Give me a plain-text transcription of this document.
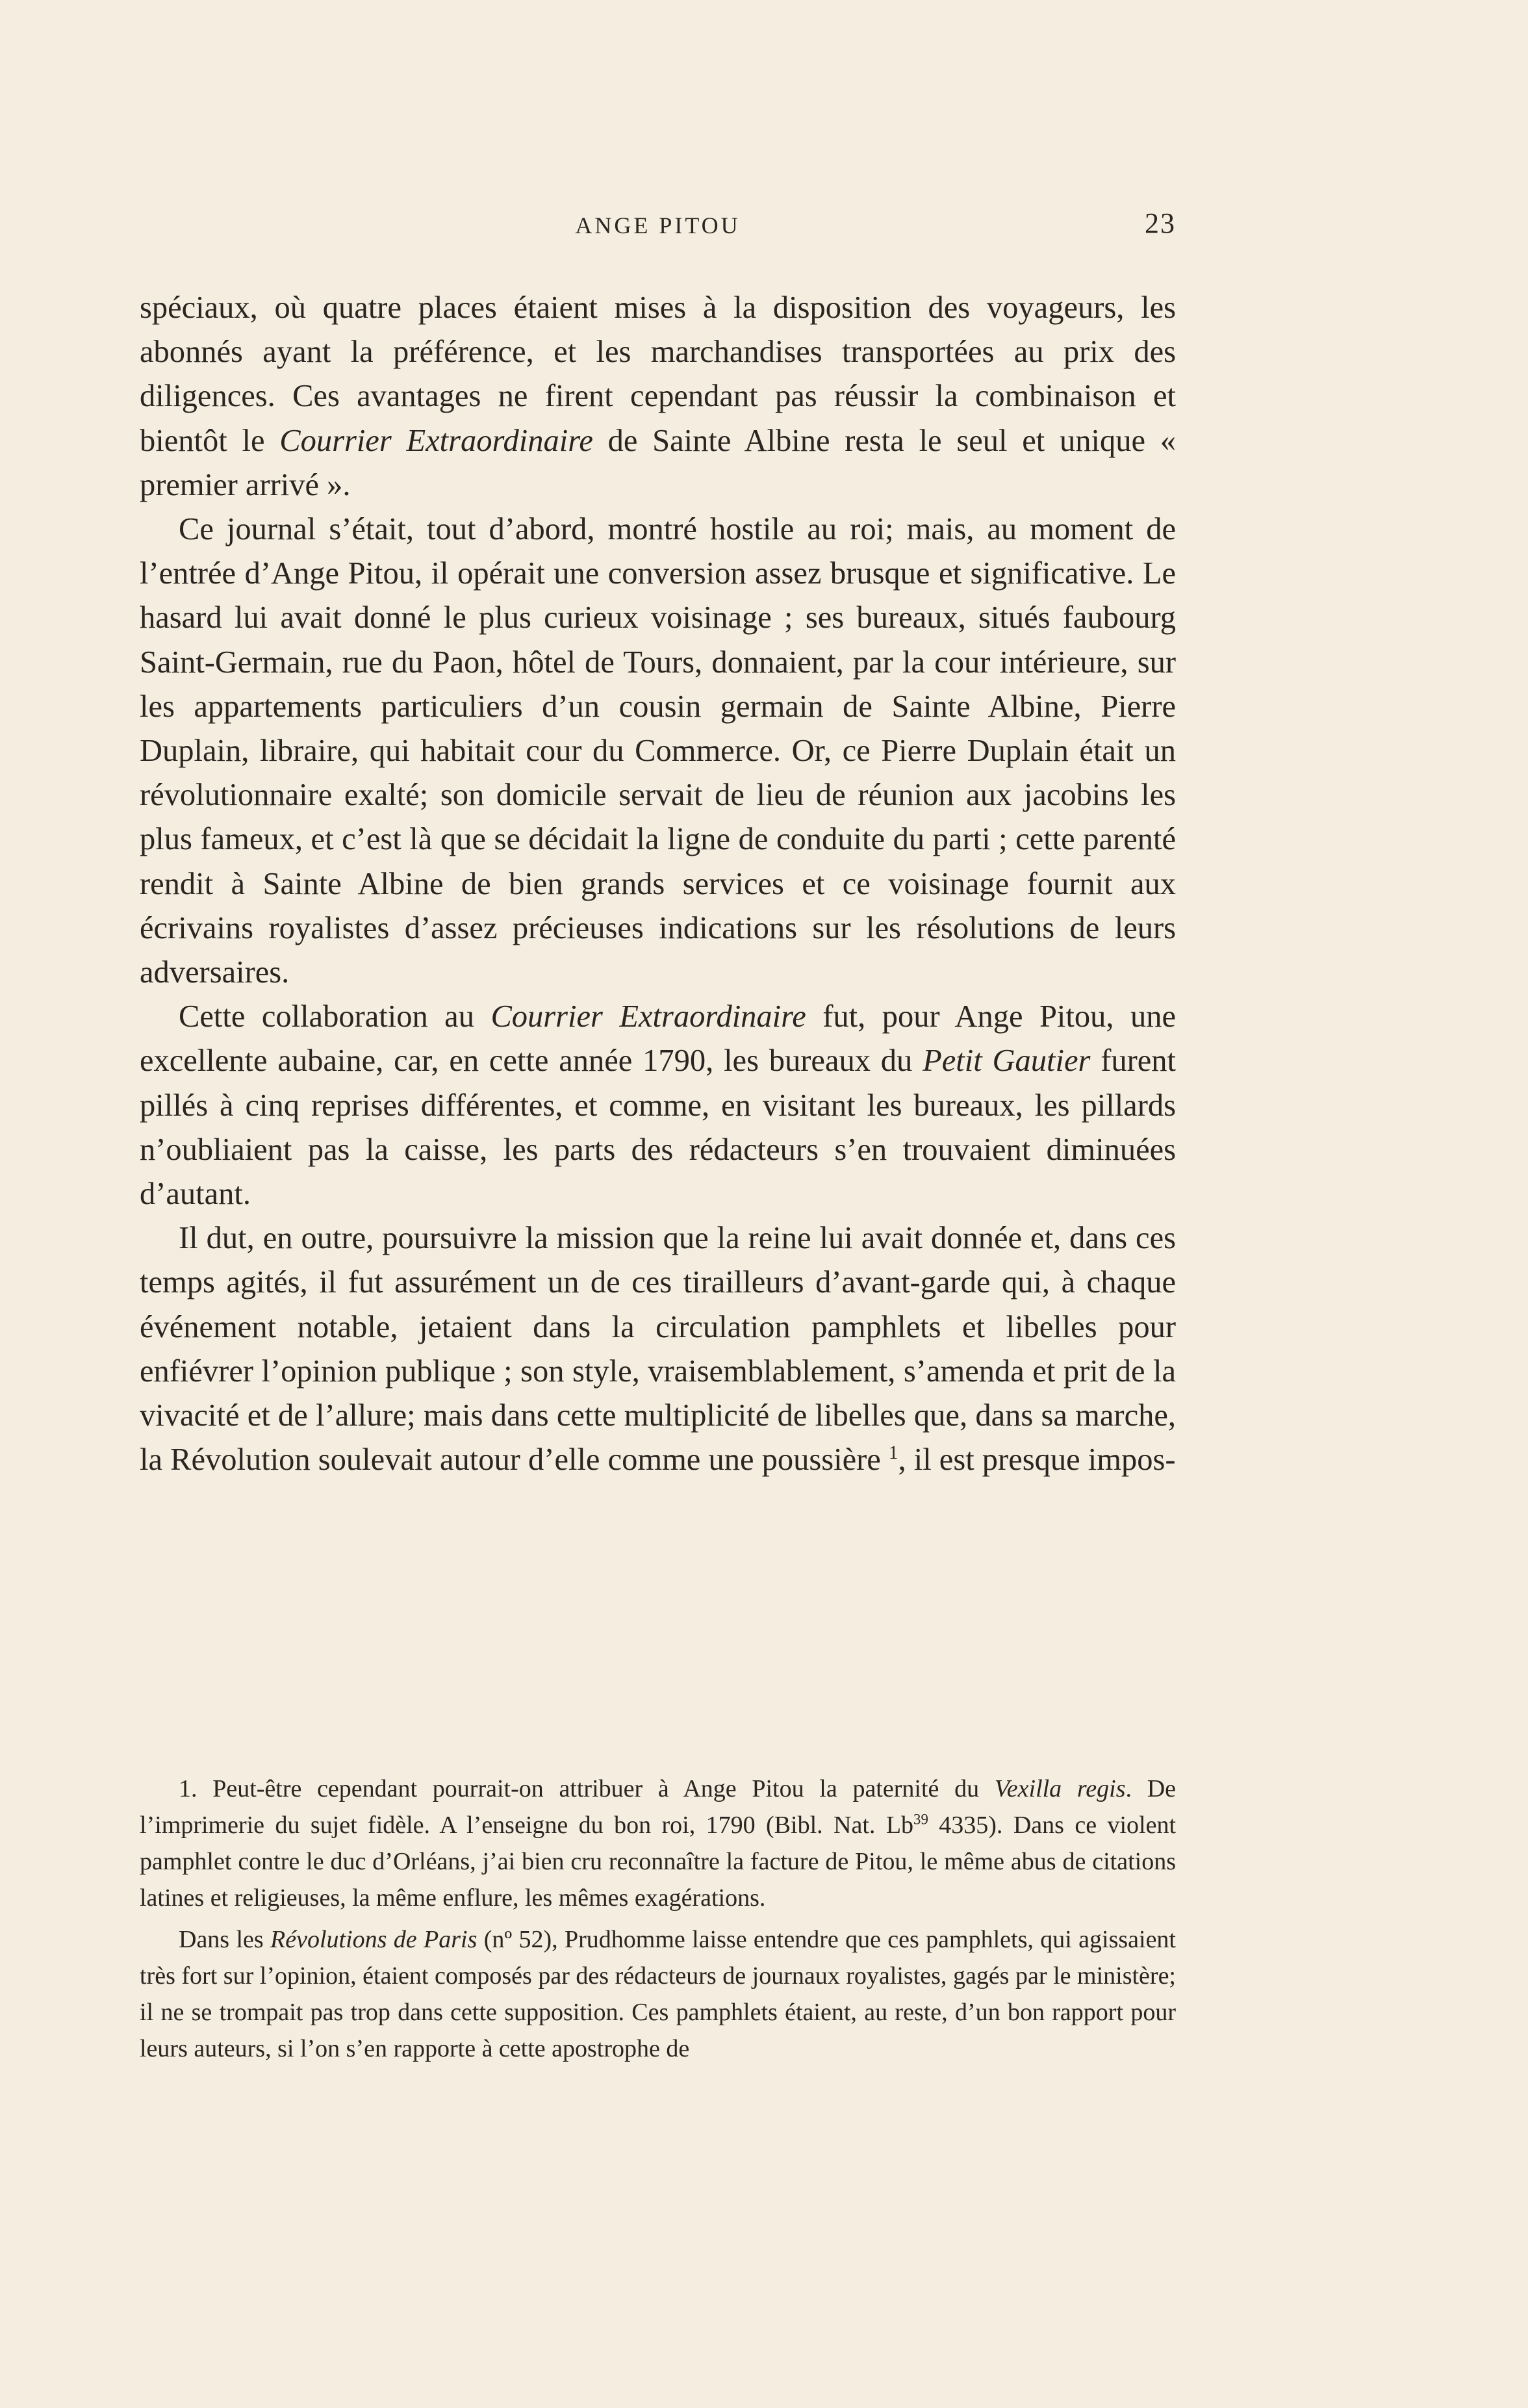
ANGE PITOU	23

spéciaux, où quatre places étaient mises à la disposition des voyageurs, les abonnés ayant la préférence, et les marchandises transportées au prix des diligences. Ces avantages ne firent cependant pas réussir la combinaison et bientôt le Courrier Extraordinaire de Sainte Albine resta le seul et unique « premier arrivé ».

Ce journal s’était, tout d’abord, montré hostile au roi; mais, au moment de l’entrée d’Ange Pitou, il opérait une conversion assez brusque et significative. Le hasard lui avait donné le plus curieux voisinage ; ses bureaux, situés faubourg Saint-Germain, rue du Paon, hôtel de Tours, donnaient, par la cour intérieure, sur les appartements particuliers d’un cousin germain de Sainte Albine, Pierre Duplain, libraire, qui habitait cour du Commerce. Or, ce Pierre Duplain était un révolutionnaire exalté; son domicile servait de lieu de réunion aux jacobins les plus fameux, et c’est là que se décidait la ligne de conduite du parti ; cette parenté rendit à Sainte Albine de bien grands services et ce voisinage fournit aux écrivains royalistes d’assez précieuses indications sur les résolutions de leurs adversaires.

Cette collaboration au Courrier Extraordinaire fut, pour Ange Pitou, une excellente aubaine, car, en cette année 1790, les bureaux du Petit Gautier furent pillés à cinq reprises différentes, et comme, en visitant les bureaux, les pillards n’oubliaient pas la caisse, les parts des rédacteurs s’en trouvaient diminuées d’autant.

Il dut, en outre, poursuivre la mission que la reine lui avait donnée et, dans ces temps agités, il fut assurément un de ces tirailleurs d’avant-garde qui, à chaque événement notable, jetaient dans la circulation pamphlets et libelles pour enfiévrer l’opinion publique ; son style, vraisemblablement, s’amenda et prit de la vivacité et de l’allure; mais dans cette multiplicité de libelles que, dans sa marche, la Révolution soulevait autour d’elle comme une poussière $^1$, il est presque impos-

1. Peut-être cependant pourrait-on attribuer à Ange Pitou la paternité du Vexilla regis. De l’imprimerie du sujet fidèle. A l’enseigne du bon roi, 1790 (Bibl. Nat. Lb$^{39}$ 4335). Dans ce violent pamphlet contre le duc d’Orléans, j’ai bien cru reconnaître la facture de Pitou, le même abus de citations latines et religieuses, la même enflure, les mêmes exagérations.

Dans les Révolutions de Paris (nº 52), Prudhomme laisse entendre que ces pamphlets, qui agissaient très fort sur l’opinion, étaient composés par des rédacteurs de journaux royalistes, gagés par le ministère; il ne se trompait pas trop dans cette supposition. Ces pamphlets étaient, au reste, d’un bon rapport pour leurs auteurs, si l’on s’en rapporte à cette apostrophe de
